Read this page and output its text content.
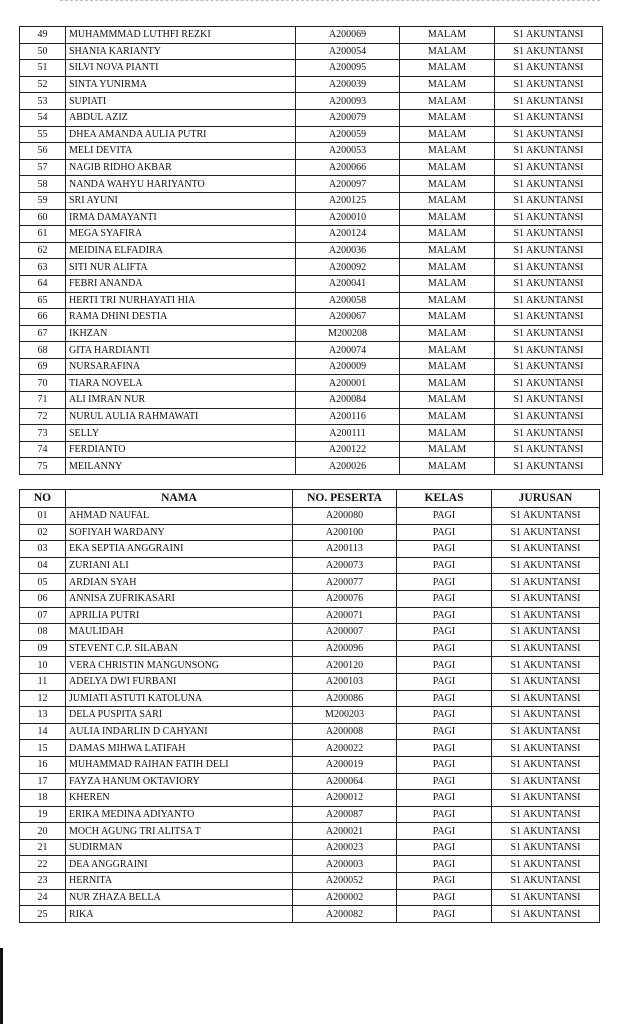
49	MUHAMMMAD LUTHFI REZKI	A200069	MALAM	S1 AKUNTANSI
50	SHANIA KARIANTY	A200054	MALAM	S1 AKUNTANSI
51	SILVI NOVA PIANTI	A200095	MALAM	S1 AKUNTANSI
52	SINTA YUNIRMA	A200039	MALAM	S1 AKUNTANSI
53	SUPIATI	A200093	MALAM	S1 AKUNTANSI
54	ABDUL AZIZ	A200079	MALAM	S1 AKUNTANSI
55	DHEA AMANDA AULIA PUTRI	A200059	MALAM	S1 AKUNTANSI
56	MELI DEVITA	A200053	MALAM	S1 AKUNTANSI
57	NAGIB RIDHO AKBAR	A200066	MALAM	S1 AKUNTANSI
58	NANDA WAHYU HARIYANTO	A200097	MALAM	S1 AKUNTANSI
59	SRI AYUNI	A200125	MALAM	S1 AKUNTANSI
60	IRMA DAMAYANTI	A200010	MALAM	S1 AKUNTANSI
61	MEGA SYAFIRA	A200124	MALAM	S1 AKUNTANSI
62	MEIDINA ELFADIRA	A200036	MALAM	S1 AKUNTANSI
63	SITI NUR ALIFTA	A200092	MALAM	S1 AKUNTANSI
64	FEBRI ANANDA	A200041	MALAM	S1 AKUNTANSI
65	HERTI TRI NURHAYATI HIA	A200058	MALAM	S1 AKUNTANSI
66	RAMA DHINI DESTIA	A200067	MALAM	S1 AKUNTANSI
67	IKHZAN	M200208	MALAM	S1 AKUNTANSI
68	GITA HARDIANTI	A200074	MALAM	S1 AKUNTANSI
69	NURSARAFINA	A200009	MALAM	S1 AKUNTANSI
70	TIARA NOVELA	A200001	MALAM	S1 AKUNTANSI
71	ALI IMRAN NUR	A200084	MALAM	S1 AKUNTANSI
72	NURUL AULIA RAHMAWATI	A200116	MALAM	S1 AKUNTANSI
73	SELLY	A200111	MALAM	S1 AKUNTANSI
74	FERDIANTO	A200122	MALAM	S1 AKUNTANSI
75	MEILANNY	A200026	MALAM	S1 AKUNTANSI
NO	NAMA	NO. PESERTA	KELAS	JURUSAN
01	AHMAD NAUFAL	A200080	PAGI	S1 AKUNTANSI
02	SOFIYAH WARDANY	A200100	PAGI	S1 AKUNTANSI
03	EKA SEPTIA ANGGRAINI	A200113	PAGI	S1 AKUNTANSI
04	ZURIANI ALI	A200073	PAGI	S1 AKUNTANSI
05	ARDIAN SYAH	A200077	PAGI	S1 AKUNTANSI
06	ANNISA ZUFRIKASARI	A200076	PAGI	S1 AKUNTANSI
07	APRILIA PUTRI	A200071	PAGI	S1 AKUNTANSI
08	MAULIDAH	A200007	PAGI	S1 AKUNTANSI
09	STEVENT C.P. SILABAN	A200096	PAGI	S1 AKUNTANSI
10	VERA CHRISTIN MANGUNSONG	A200120	PAGI	S1 AKUNTANSI
11	ADELYA DWI FURBANI	A200103	PAGI	S1 AKUNTANSI
12	JUMIATI ASTUTI KATOLUNA	A200086	PAGI	S1 AKUNTANSI
13	DELA PUSPITA SARI	M200203	PAGI	S1 AKUNTANSI
14	AULIA INDARLIN D CAHYANI	A200008	PAGI	S1 AKUNTANSI
15	DAMAS MIHWA LATIFAH	A200022	PAGI	S1 AKUNTANSI
16	MUHAMMAD RAIHAN FATIH DELI	A200019	PAGI	S1 AKUNTANSI
17	FAYZA HANUM OKTAVIORY	A200064	PAGI	S1 AKUNTANSI
18	KHEREN	A200012	PAGI	S1 AKUNTANSI
19	ERIKA MEDINA ADIYANTO	A200087	PAGI	S1 AKUNTANSI
20	MOCH AGUNG TRI ALITSA T	A200021	PAGI	S1 AKUNTANSI
21	SUDIRMAN	A200023	PAGI	S1 AKUNTANSI
22	DEA ANGGRAINI	A200003	PAGI	S1 AKUNTANSI
23	HERNITA	A200052	PAGI	S1 AKUNTANSI
24	NUR ZHAZA BELLA	A200002	PAGI	S1 AKUNTANSI
25	RIKA	A200082	PAGI	S1 AKUNTANSI
